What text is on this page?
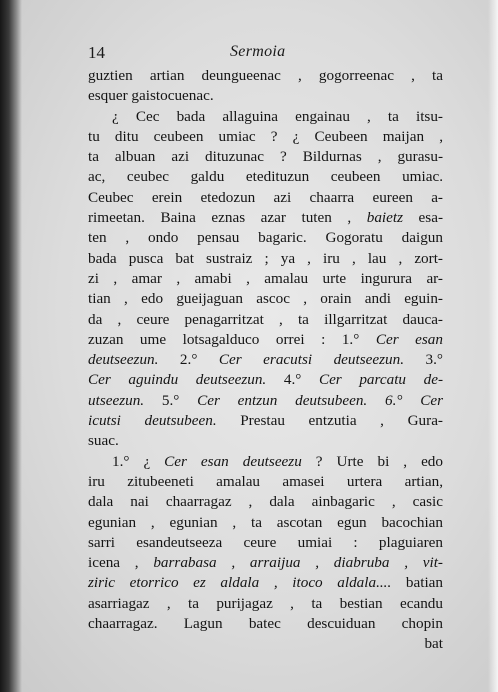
14	Sermoia
guztien artian deungueenac , gogorreenac , ta
esquer gaistocuenac.
¿ Cec bada allaguina engainau , ta itsu-
tu ditu ceubeen umiac ? ¿ Ceubeen maijan ,
ta albuan azi dituzunac ? Bildurnas , gurasu-
ac, ceubec galdu etedituzun ceubeen umiac.
Ceubec erein etedozun azi chaarra eureen a-
rimeetan. Baina eznas azar tuten , baietz esa-
ten , ondo pensau bagaric. Gogoratu daigun
bada pusca bat sustraiz ; ya , iru , lau , zort-
zi , amar , amabi , amalau urte ingurura ar-
tian , edo gueijaguan ascoc , orain andi eguin-
da , ceure penagarritzat , ta illgarritzat dauca-
zuzan ume lotsagalduco orrei : 1.° Cer esan
deutseezun. 2.° Cer eracutsi deutseezun. 3.°
Cer aguindu deutseezun. 4.° Cer parcatu de-
utseezun. 5.° Cer entzun deutsubeen. 6.° Cer
icutsi deutsubeen. Prestau entzutia , Gura-
suac.
1.° ¿ Cer esan deutseezu ? Urte bi , edo
iru zitubeeneti amalau amasei urtera artian,
dala nai chaarragaz , dala ainbagaric , casic
egunian , egunian , ta ascotan egun bacochian
sarri esandeutseeza ceure umiai : plaguiaren
icena , barrabasa , arraijua , diabruba , vit-
ziric etorrico ez aldala , itoco aldala.... batian
asarriagaz , ta purijagaz , ta bestian ecandu
chaarragaz. Lagun batec descuiduan chopin
bat
